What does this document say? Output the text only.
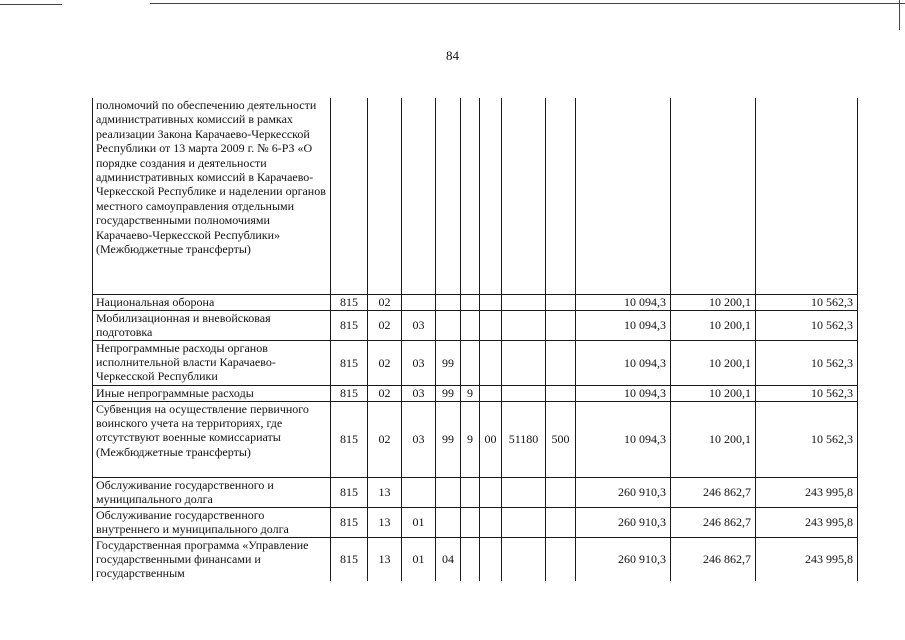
84
полномочий по обеспечению деятельности административных комиссий в рамках реализации Закона Карачаево-Черкесской Республики от 13 марта 2009 г. № 6-РЗ «О порядке создания и деятельности административных комиссий в Карачаево-Черкесской Республике и наделении органов местного самоуправления отдельными государственными полномочиями Карачаево-Черкесской Республики» (Межбюджетные трансферты)											
Национальная оборона	815	02							10 094,3	10 200,1	10 562,3
Мобилизационная и вневойсковая подготовка	815	02	03						10 094,3	10 200,1	10 562,3
Непрограммные расходы органов исполнительной власти Карачаево-Черкесской Республики	815	02	03	99					10 094,3	10 200,1	10 562,3
Иные непрограммные расходы	815	02	03	99	9				10 094,3	10 200,1	10 562,3
Субвенция на осуществление первичного воинского учета на территориях, где отсутствуют военные комиссариаты (Межбюджетные трансферты)	815	02	03	99	9	00	51180	500	10 094,3	10 200,1	10 562,3
Обслуживание государственного и муниципального долга	815	13							260 910,3	246 862,7	243 995,8
Обслуживание государственного внутреннего и муниципального долга	815	13	01						260 910,3	246 862,7	243 995,8
Государственная программа «Управление государственными финансами и государственным	815	13	01	04					260 910,3	246 862,7	243 995,8
